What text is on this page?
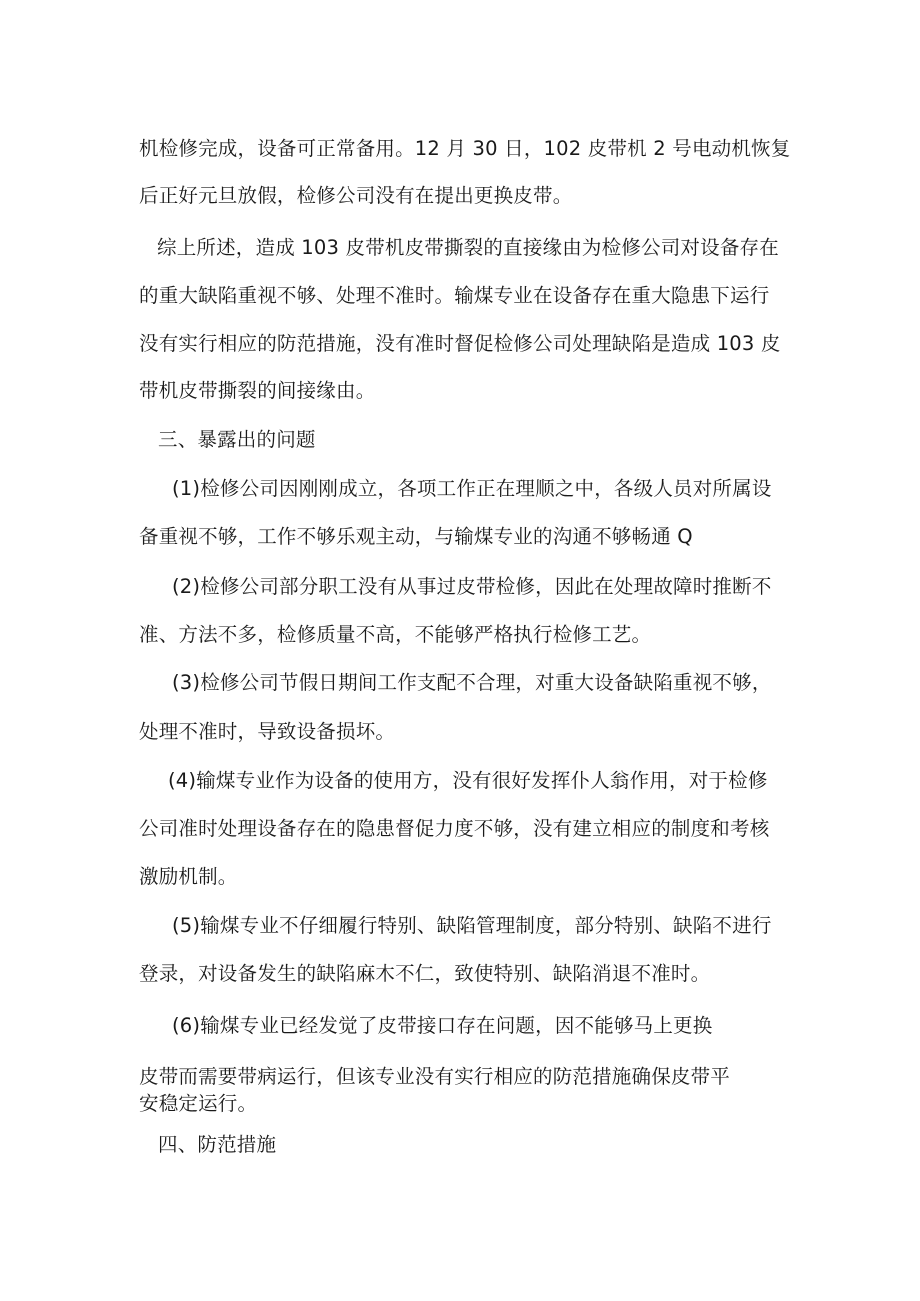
机检修完成，设备可正常备用。12 月 30 日，102 皮带机 2 号电动机恢复
后正好元旦放假，检修公司没有在提出更换皮带。
综上所述，造成 103 皮带机皮带撕裂的直接缘由为检修公司对设备存在
的重大缺陷重视不够、处理不准时。输煤专业在设备存在重大隐患下运行
没有实行相应的防范措施，没有准时督促检修公司处理缺陷是造成 103 皮
带机皮带撕裂的间接缘由。
三、暴露出的问题
(1)检修公司因刚刚成立，各项工作正在理顺之中，各级人员对所属设
备重视不够，工作不够乐观主动，与输煤专业的沟通不够畅通 Q
(2)检修公司部分职工没有从事过皮带检修，因此在处理故障时推断不
准、方法不多，检修质量不高，不能够严格执行检修工艺。
(3)检修公司节假日期间工作支配不合理，对重大设备缺陷重视不够，
处理不准时，导致设备损坏。
(4)输煤专业作为设备的使用方，没有很好发挥仆人翁作用，对于检修
公司准时处理设备存在的隐患督促力度不够，没有建立相应的制度和考核
激励机制。
(5)输煤专业不仔细履行特别、缺陷管理制度，部分特别、缺陷不进行
登录，对设备发生的缺陷麻木不仁，致使特别、缺陷消退不准时。
(6)输煤专业已经发觉了皮带接口存在问题，因不能够马上更换
皮带而需要带病运行，但该专业没有实行相应的防范措施确保皮带平
安稳定运行。
四、防范措施
